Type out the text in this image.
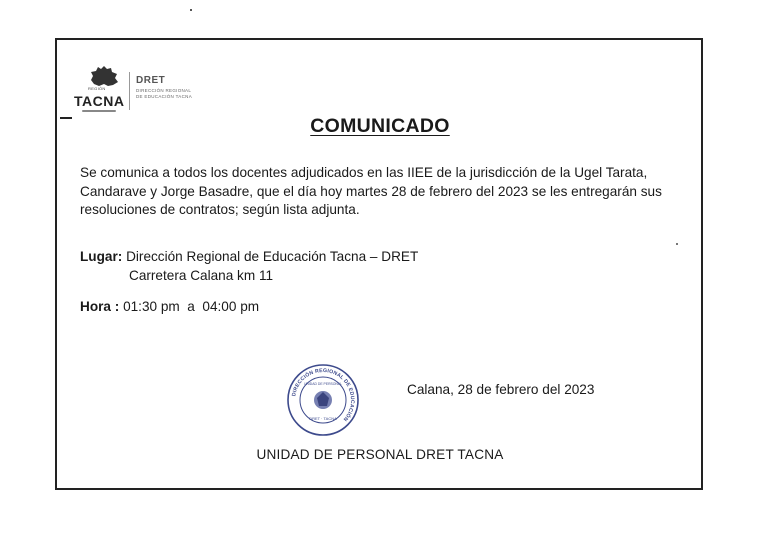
REGIÓN
TACNA
DRET
DIRECCIÓN REGIONAL
DE EDUCACIÓN TACNA
COMUNICADO

Se comunica a todos los docentes adjudicados en las IIEE de la jurisdicción de la Ugel Tarata, Candarave y Jorge Basadre, que el día hoy martes 28 de febrero del 2023 se les entregarán sus resoluciones de contratos; según lista adjunta.

Lugar: Dirección Regional de Educación Tacna – DRET
Carretera Calana km 11
Hora : 01:30 pm  a  04:00 pm
DIRECCIÓN REGIONAL DE EDUCACIÓN
UNIDAD DE PERSONAL
DRET · TACNA
Calana, 28 de febrero del 2023
UNIDAD DE PERSONAL DRET TACNA
